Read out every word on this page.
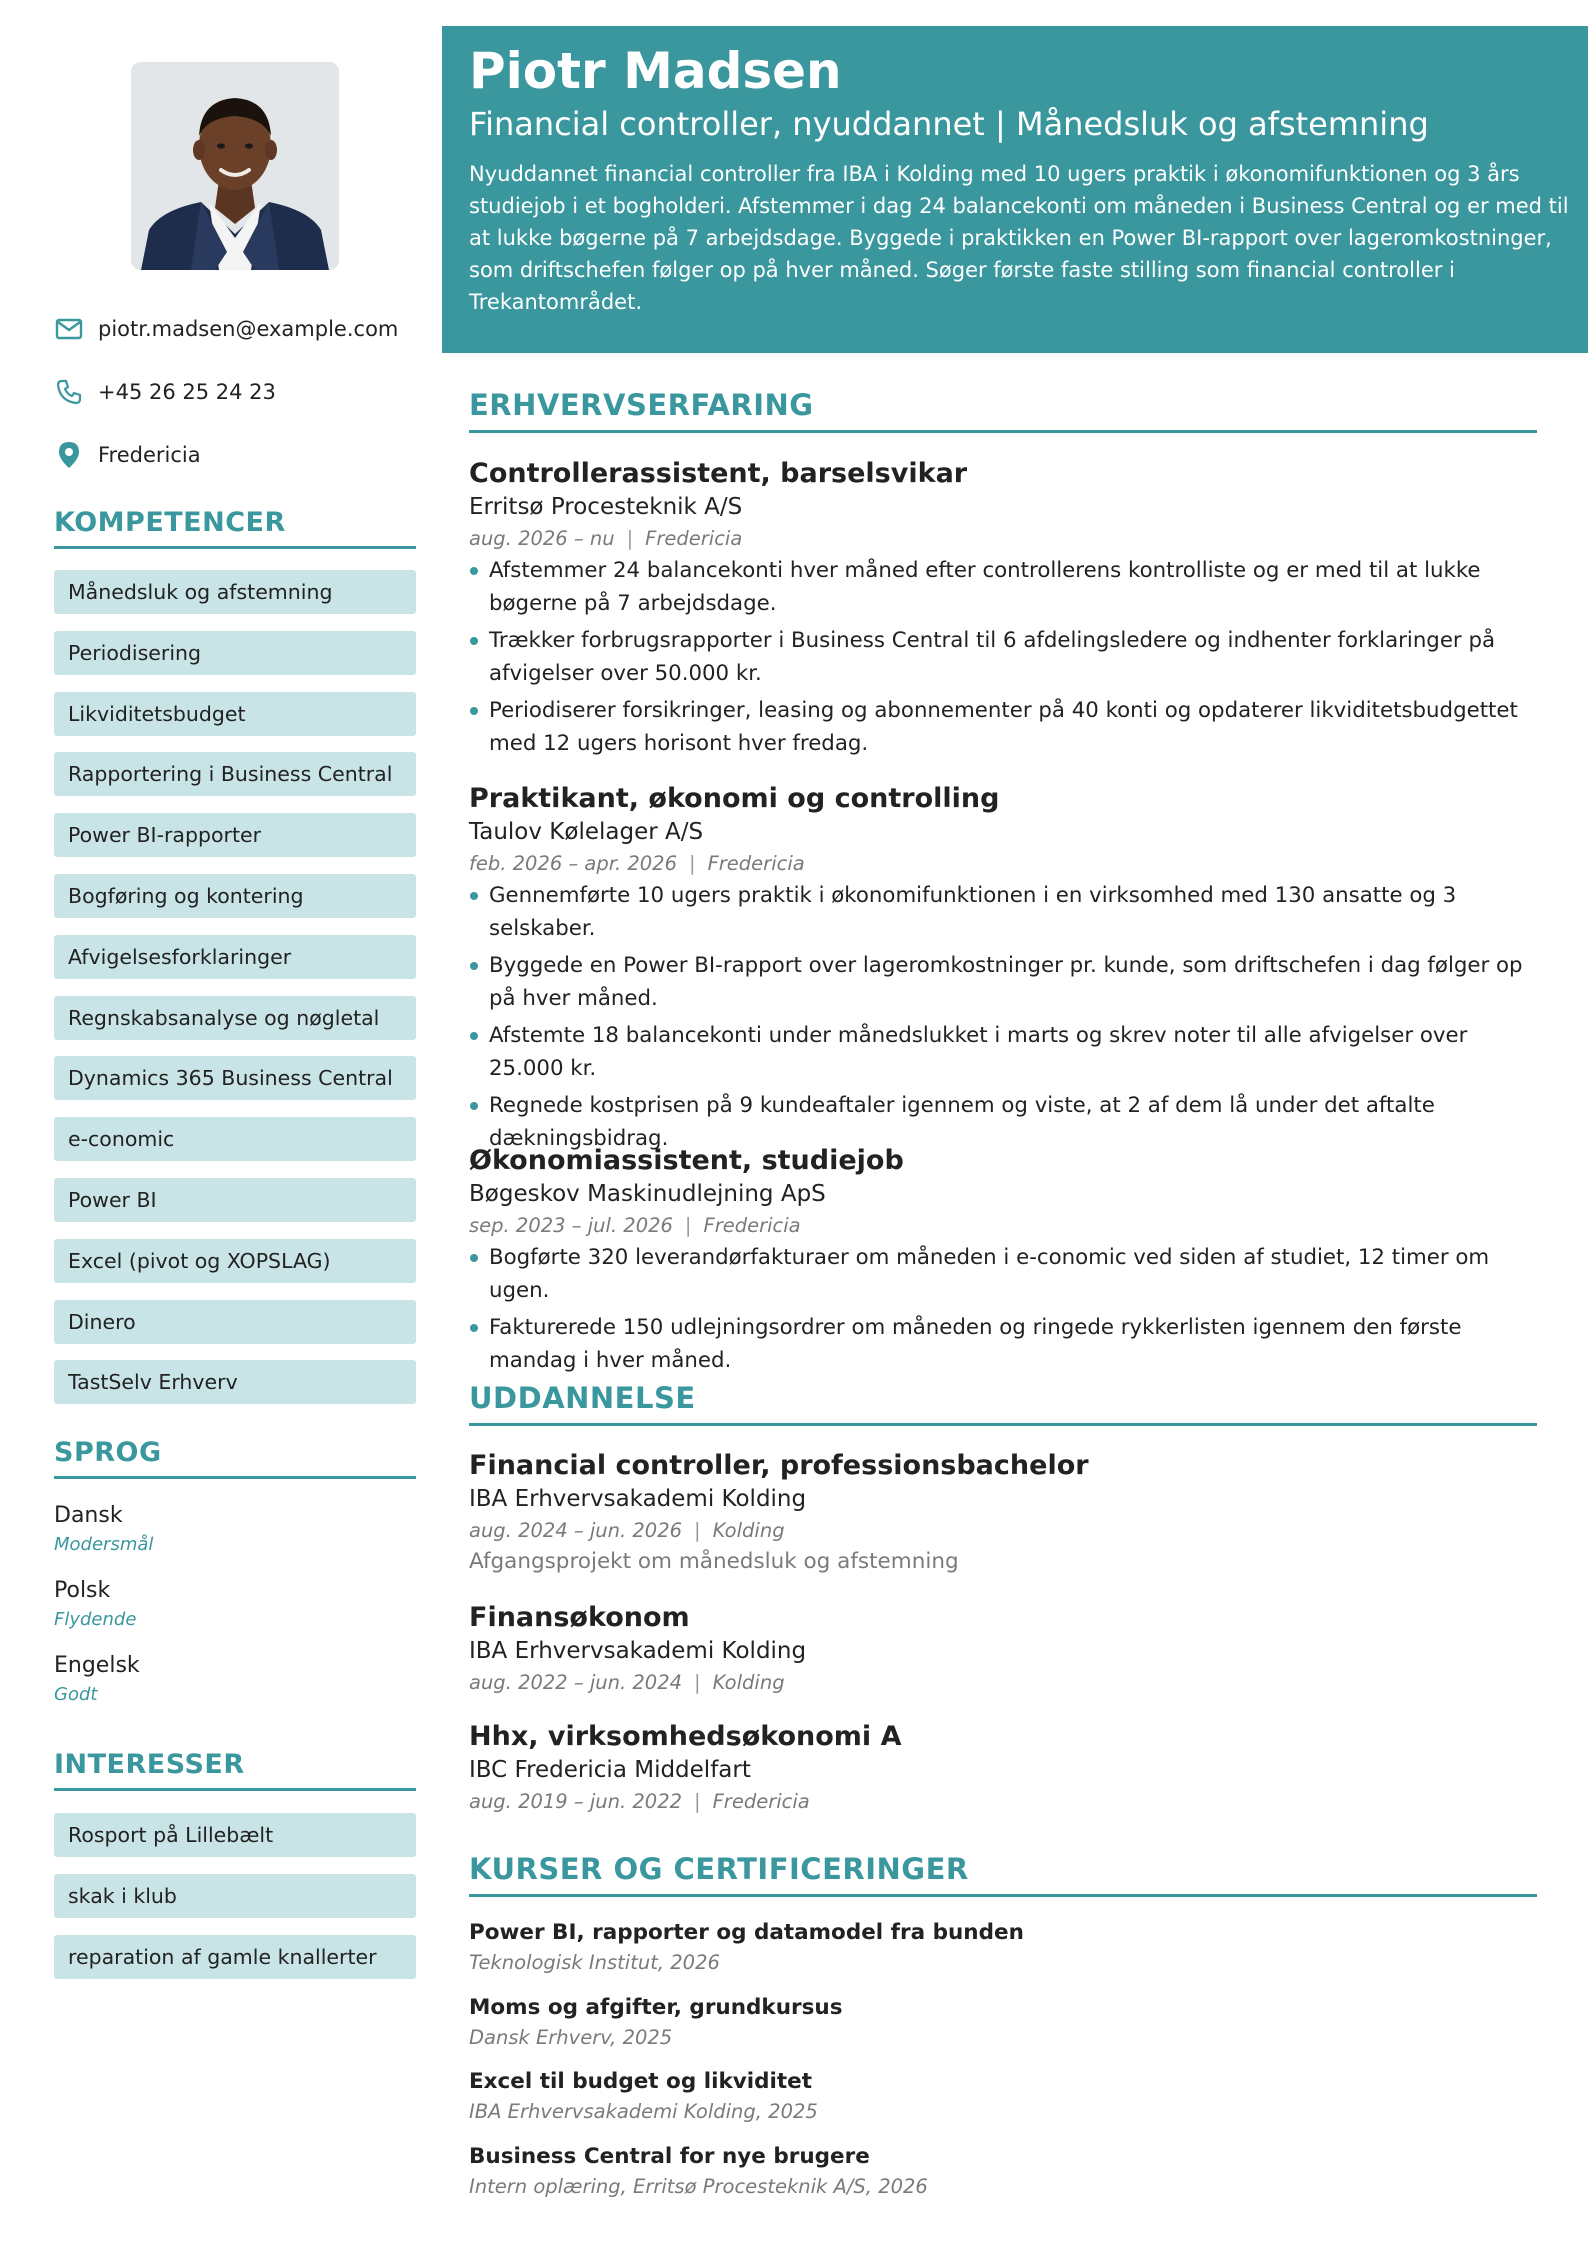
piotr.madsen@example.com
+45 26 25 24 23
Fredericia
KOMPETENCER
Månedsluk og afstemning
Periodisering
Likviditetsbudget
Rapportering i Business Central
Power BI-rapporter
Bogføring og kontering
Afvigelsesforklaringer
Regnskabsanalyse og nøgletal
Dynamics 365 Business Central
e-conomic
Power BI
Excel (pivot og XOPSLAG)
Dinero
TastSelv Erhverv
SPROG
Dansk
Modersmål
Polsk
Flydende
Engelsk
Godt
INTERESSER
Rosport på Lillebælt
skak i klub
reparation af gamle knallerter
Piotr Madsen
Financial controller, nyuddannet | Månedsluk og afstemning
Nyuddannet financial controller fra IBA i Kolding med 10 ugers praktik i økonomifunktionen og 3 års studiejob i et bogholderi. Afstemmer i dag 24 balancekonti om måneden i Business Central og er med til at lukke bøgerne på 7 arbejdsdage. Byggede i praktikken en Power BI-rapport over lageromkostninger, som driftschefen følger op på hver måned. Søger første faste stilling som financial controller i Trekantområdet.
ERHVERVSERFARING
Controllerassistent, barselsvikar
Erritsø Procesteknik A/S
aug. 2026 – nu | Fredericia
Afstemmer 24 balancekonti hver måned efter controllerens kontrolliste og er med til at lukke bøgerne på 7 arbejdsdage.
Trækker forbrugsrapporter i Business Central til 6 afdelingsledere og indhenter forklaringer på afvigelser over 50.000 kr.
Periodiserer forsikringer, leasing og abonnementer på 40 konti og opdaterer likviditetsbudgettet med 12 ugers horisont hver fredag.
Praktikant, økonomi og controlling
Taulov Kølelager A/S
feb. 2026 – apr. 2026 | Fredericia
Gennemførte 10 ugers praktik i økonomifunktionen i en virksomhed med 130 ansatte og 3 selskaber.
Byggede en Power BI-rapport over lageromkostninger pr. kunde, som driftschefen i dag følger op på hver måned.
Afstemte 18 balancekonti under månedslukket i marts og skrev noter til alle afvigelser over 25.000 kr.
Regnede kostprisen på 9 kundeaftaler igennem og viste, at 2 af dem lå under det aftalte dækningsbidrag.
Økonomiassistent, studiejob
Bøgeskov Maskinudlejning ApS
sep. 2023 – jul. 2026 | Fredericia
Bogførte 320 leverandørfakturaer om måneden i e-conomic ved siden af studiet, 12 timer om ugen.
Fakturerede 150 udlejningsordrer om måneden og ringede rykkerlisten igennem den første mandag i hver måned.
UDDANNELSE
Financial controller, professionsbachelor
IBA Erhvervsakademi Kolding
aug. 2024 – jun. 2026 | Kolding
Afgangsprojekt om månedsluk og afstemning
Finansøkonom
IBA Erhvervsakademi Kolding
aug. 2022 – jun. 2024 | Kolding
Hhx, virksomhedsøkonomi A
IBC Fredericia Middelfart
aug. 2019 – jun. 2022 | Fredericia
KURSER OG CERTIFICERINGER
Power BI, rapporter og datamodel fra bunden
Teknologisk Institut, 2026
Moms og afgifter, grundkursus
Dansk Erhverv, 2025
Excel til budget og likviditet
IBA Erhvervsakademi Kolding, 2025
Business Central for nye brugere
Intern oplæring, Erritsø Procesteknik A/S, 2026
